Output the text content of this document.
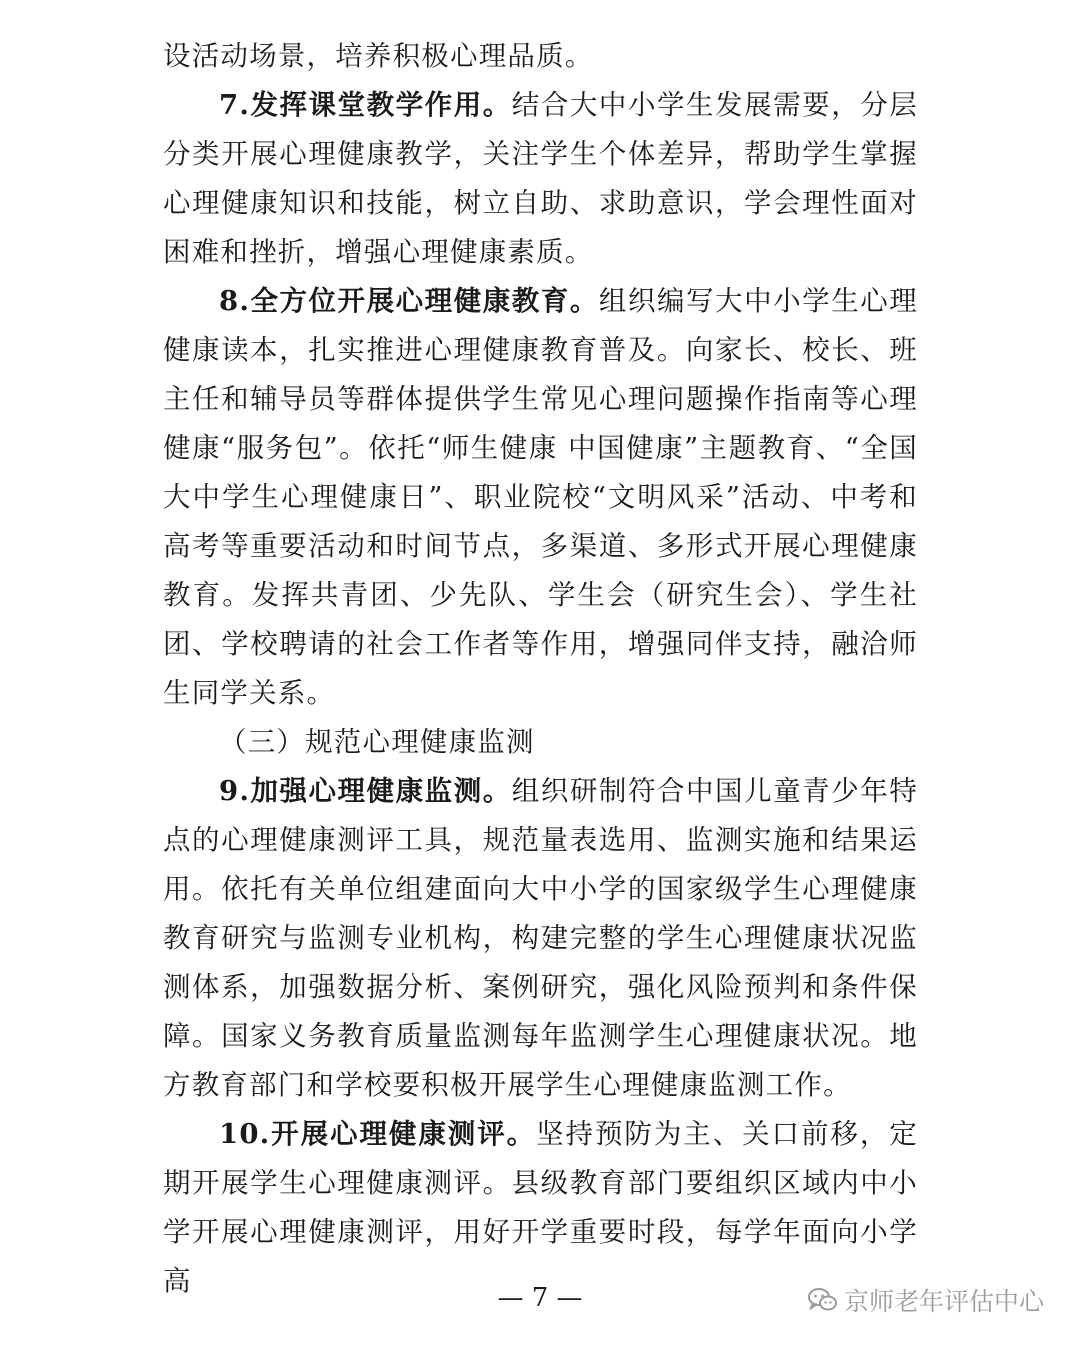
设活动场景，培养积极心理品质。

7.发挥课堂教学作用。结合大中小学生发展需要，分层分类开展心理健康教学，关注学生个体差异，帮助学生掌握心理健康知识和技能，树立自助、求助意识，学会理性面对困难和挫折，增强心理健康素质。

8.全方位开展心理健康教育。组织编写大中小学生心理健康读本，扎实推进心理健康教育普及。向家长、校长、班主任和辅导员等群体提供学生常见心理问题操作指南等心理健康“服务包”。依托“师生健康 中国健康”主题教育、“全国大中学生心理健康日”、职业院校“文明风采”活动、中考和高考等重要活动和时间节点，多渠道、多形式开展心理健康教育。发挥共青团、少先队、学生会（研究生会）、学生社团、学校聘请的社会工作者等作用，增强同伴支持，融洽师生同学关系。

（三）规范心理健康监测

9.加强心理健康监测。组织研制符合中国儿童青少年特点的心理健康测评工具，规范量表选用、监测实施和结果运用。依托有关单位组建面向大中小学的国家级学生心理健康教育研究与监测专业机构，构建完整的学生心理健康状况监测体系，加强数据分析、案例研究，强化风险预判和条件保障。国家义务教育质量监测每年监测学生心理健康状况。地方教育部门和学校要积极开展学生心理健康监测工作。

10.开展心理健康测评。坚持预防为主、关口前移，定期开展学生心理健康测评。县级教育部门要组织区域内中小学开展心理健康测评，用好开学重要时段，每学年面向小学高

— 7 —	京师老年评估中心
